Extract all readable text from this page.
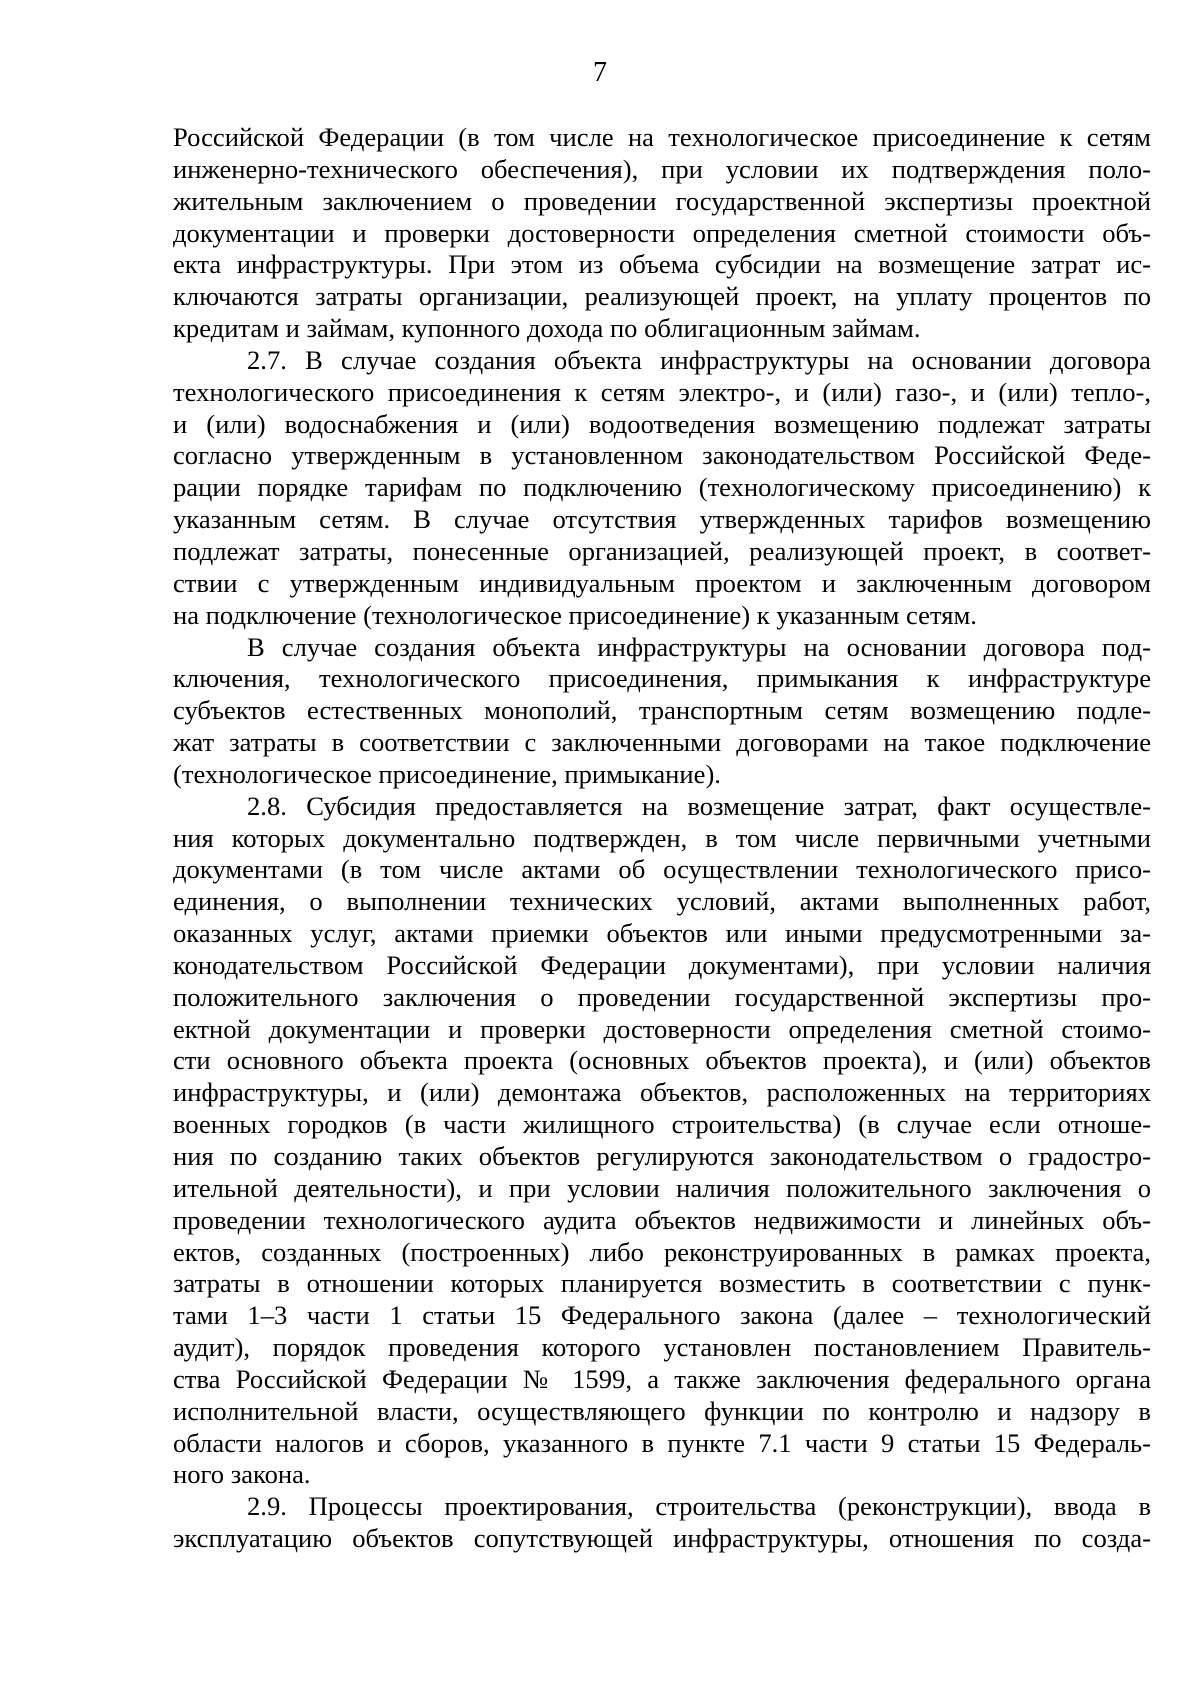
7
Российской Федерации (в том числе на технологическое присоединение к сетям
инженерно-технического обеспечения), при условии их подтверждения поло-
жительным заключением о проведении государственной экспертизы проектной
документации и проверки достоверности определения сметной стоимости объ-
екта инфраструктуры. При этом из объема субсидии на возмещение затрат ис-
ключаются затраты организации, реализующей проект, на уплату процентов по
кредитам и займам, купонного дохода по облигационным займам.
2.7. В случае создания объекта инфраструктуры на основании договора
технологического присоединения к сетям электро-, и (или) газо-, и (или) тепло-,
и (или) водоснабжения и (или) водоотведения возмещению подлежат затраты
согласно утвержденным в установленном законодательством Российской Феде-
рации порядке тарифам по подключению (технологическому присоединению) к
указанным сетям. В случае отсутствия утвержденных тарифов возмещению
подлежат затраты, понесенные организацией, реализующей проект, в соответ-
ствии с утвержденным индивидуальным проектом и заключенным договором
на подключение (технологическое присоединение) к указанным сетям.
В случае создания объекта инфраструктуры на основании договора под-
ключения, технологического присоединения, примыкания к инфраструктуре
субъектов естественных монополий, транспортным сетям возмещению подле-
жат затраты в соответствии с заключенными договорами на такое подключение
(технологическое присоединение, примыкание).
2.8. Субсидия предоставляется на возмещение затрат, факт осуществле-
ния которых документально подтвержден, в том числе первичными учетными
документами (в том числе актами об осуществлении технологического присо-
единения, о выполнении технических условий, актами выполненных работ,
оказанных услуг, актами приемки объектов или иными предусмотренными за-
конодательством Российской Федерации документами), при условии наличия
положительного заключения о проведении государственной экспертизы про-
ектной документации и проверки достоверности определения сметной стоимо-
сти основного объекта проекта (основных объектов проекта), и (или) объектов
инфраструктуры, и (или) демонтажа объектов, расположенных на территориях
военных городков (в части жилищного строительства) (в случае если отноше-
ния по созданию таких объектов регулируются законодательством о градостро-
ительной деятельности), и при условии наличия положительного заключения о
проведении технологического аудита объектов недвижимости и линейных объ-
ектов, созданных (построенных) либо реконструированных в рамках проекта,
затраты в отношении которых планируется возместить в соответствии с пунк-
тами 1–3 части 1 статьи 15 Федерального закона (далее – технологический
аудит), порядок проведения которого установлен постановлением Правитель-
ства Российской Федерации № 1599, а также заключения федерального органа
исполнительной власти, осуществляющего функции по контролю и надзору в
области налогов и сборов, указанного в пункте 7.1 части 9 статьи 15 Федераль-
ного закона.
2.9. Процессы проектирования, строительства (реконструкции), ввода в
эксплуатацию объектов сопутствующей инфраструктуры, отношения по созда-
